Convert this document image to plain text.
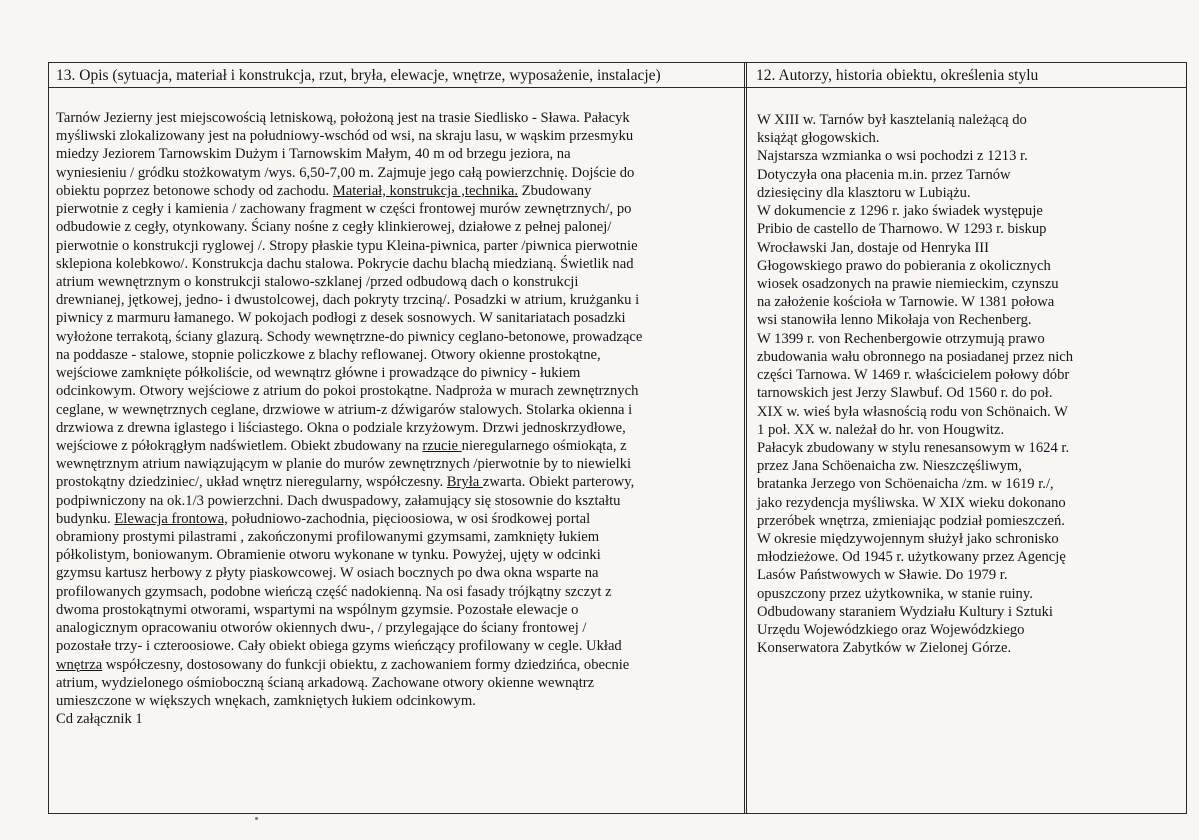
13. Opis (sytuacja, materiał i konstrukcja, rzut, bryła, elewacje, wnętrze, wyposażenie, instalacje)	12. Autorzy, historia obiektu, określenia stylu
Tarnów Jezierny jest miejscowością letniskową, położoną jest na trasie Siedlisko - Sława. Pałacyk
myśliwski zlokalizowany jest na południowy-wschód od wsi, na skraju lasu, w wąskim przesmyku
miedzy Jeziorem Tarnowskim Dużym i Tarnowskim Małym, 40 m od brzegu jeziora, na
wyniesieniu / gródku stożkowatym /wys. 6,50-7,00 m. Zajmuje jego całą powierzchnię. Dojście do
obiektu poprzez betonowe schody od zachodu. Materiał, konstrukcja ,technika. Zbudowany
pierwotnie z cegły i kamienia / zachowany fragment w części frontowej murów zewnętrznych/, po
odbudowie z cegły, otynkowany. Ściany nośne z cegły klinkierowej, działowe z pełnej palonej/
pierwotnie o konstrukcji ryglowej /. Stropy płaskie typu Kleina-piwnica, parter /piwnica pierwotnie
sklepiona kolebkowo/. Konstrukcja dachu stalowa. Pokrycie dachu blachą miedzianą. Świetlik nad
atrium wewnętrznym o konstrukcji stalowo-szklanej /przed odbudową dach o konstrukcji
drewnianej, jętkowej, jedno- i dwustolcowej, dach pokryty trzciną/. Posadzki w atrium, krużganku i
piwnicy z marmuru łamanego. W pokojach podłogi z desek sosnowych. W sanitariatach posadzki
wyłożone terrakotą, ściany glazurą. Schody wewnętrzne-do piwnicy ceglano-betonowe, prowadzące
na poddasze - stalowe, stopnie policzkowe z blachy reflowanej. Otwory okienne prostokątne,
wejściowe zamknięte półkoliście, od wewnątrz główne i prowadzące do piwnicy - łukiem
odcinkowym. Otwory wejściowe z atrium do pokoi prostokątne. Nadproża w murach zewnętrznych
ceglane, w wewnętrznych ceglane, drzwiowe w atrium-z dźwigarów stalowych. Stolarka okienna i
drzwiowa z drewna iglastego i liściastego. Okna o podziale krzyżowym. Drzwi jednoskrzydłowe,
wejściowe z półokrągłym nadświetlem. Obiekt zbudowany na rzucie nieregularnego ośmiokąta, z
wewnętrznym atrium nawiązującym w planie do murów zewnętrznych /pierwotnie by to niewielki
prostokątny dziedziniec/, układ wnętrz nieregularny, współczesny. Bryła zwarta. Obiekt parterowy,
podpiwniczony na ok.1/3 powierzchni. Dach dwuspadowy, załamujący się stosownie do kształtu
budynku. Elewacja frontowa, południowo-zachodnia, pięcioosiowa, w osi środkowej portal
obramiony prostymi pilastrami , zakończonymi profilowanymi gzymsami, zamknięty łukiem
półkolistym, boniowanym. Obramienie otworu wykonane w tynku. Powyżej, ujęty w odcinki
gzymsu kartusz herbowy z płyty piaskowcowej. W osiach bocznych po dwa okna wsparte na
profilowanych gzymsach, podobne wieńczą część nadokienną. Na osi fasady trójkątny szczyt z
dwoma prostokątnymi otworami, wspartymi na wspólnym gzymsie. Pozostałe elewacje o
analogicznym opracowaniu otworów okiennych dwu-, / przylegające do ściany frontowej /
pozostałe trzy- i czteroosiowe. Cały obiekt obiega gzyms wieńczący profilowany w cegle. Układ
wnętrza współczesny, dostosowany do funkcji obiektu, z zachowaniem formy dziedzińca, obecnie
atrium, wydzielonego ośmioboczną ścianą arkadową. Zachowane otwory okienne wewnątrz
umieszczone w większych wnękach, zamkniętych łukiem odcinkowym.
Cd załącznik 1
W XIII w. Tarnów był kasztelanią należącą do
książąt głogowskich.
Najstarsza wzmianka o wsi pochodzi z 1213 r.
Dotyczyła ona płacenia m.in. przez Tarnów
dziesięciny dla klasztoru w Lubiążu.
W dokumencie z 1296 r. jako świadek występuje
Pribio de castello de Tharnowo. W 1293 r. biskup
Wrocławski Jan, dostaje od Henryka III
Głogowskiego prawo do pobierania z okolicznych
wiosek osadzonych na prawie niemieckim, czynszu
na założenie kościoła w Tarnowie. W 1381 połowa
wsi stanowiła lenno Mikołaja von Rechenberg.
W 1399 r. von Rechenbergowie otrzymują prawo
zbudowania wału obronnego na posiadanej przez nich
części Tarnowa. W 1469 r. właścicielem połowy dóbr
tarnowskich jest Jerzy Slawbuf. Od 1560 r. do poł.
XIX w. wieś była własnością rodu von Schönaich. W
1 poł. XX w. należał do hr. von Hougwitz.
Pałacyk zbudowany w stylu renesansowym w 1624 r.
przez Jana Schöenaicha zw. Nieszczęśliwym,
bratanka Jerzego von Schöenaicha /zm. w 1619 r./,
jako rezydencja myśliwska. W XIX wieku dokonano
przeróbek wnętrza, zmieniając podział pomieszczeń.
W okresie międzywojennym służył jako schronisko
młodzieżowe. Od 1945 r. użytkowany przez Agencję
Lasów Państwowych w Sławie. Do 1979 r.
opuszczony przez użytkownika, w stanie ruiny.
Odbudowany staraniem Wydziału Kultury i Sztuki
Urzędu Wojewódzkiego oraz Wojewódzkiego
Konserwatora Zabytków w Zielonej Górze.
